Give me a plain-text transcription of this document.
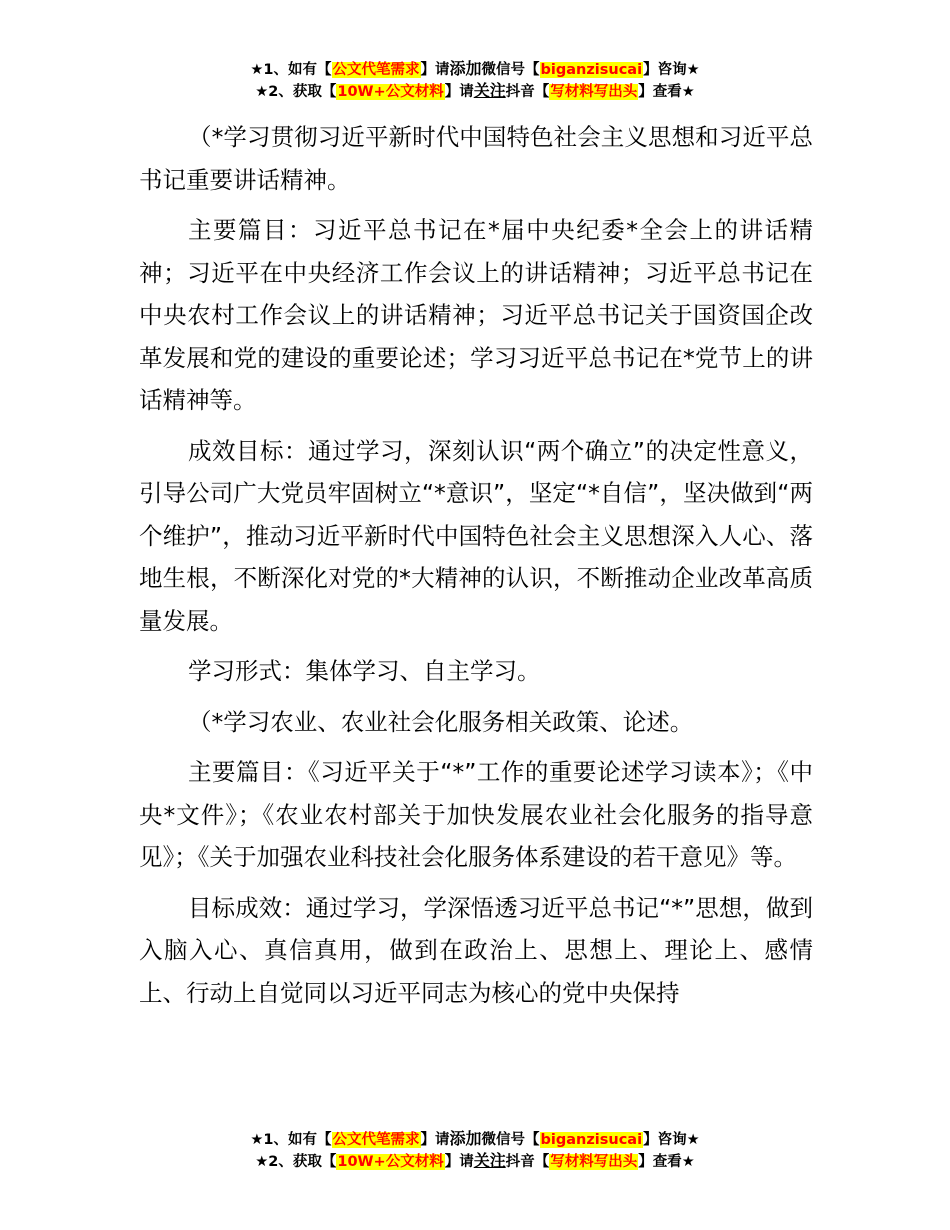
★1、如有【公文代笔需求】请添加微信号【biganzisucai】咨询★
★2、获取【10W+公文材料】请关注抖音【写材料写出头】查看★

（*学习贯彻习近平新时代中国特色社会主义思想和习近平总书记重要讲话精神。

主要篇目：习近平总书记在*届中央纪委*全会上的讲话精神；习近平在中央经济工作会议上的讲话精神；习近平总书记在中央农村工作会议上的讲话精神；习近平总书记关于国资国企改革发展和党的建设的重要论述；学习习近平总书记在*党节上的讲话精神等。

成效目标：通过学习，深刻认识“两个确立”的决定性意义，引导公司广大党员牢固树立“*意识”，坚定“*自信”，坚决做到“两个维护”，推动习近平新时代中国特色社会主义思想深入人心、落地生根，不断深化对党的*大精神的认识，不断推动企业改革高质量发展。

学习形式：集体学习、自主学习。

（*学习农业、农业社会化服务相关政策、论述。

主要篇目：《习近平关于“*”工作的重要论述学习读本》；《中央*文件》；《农业农村部关于加快发展农业社会化服务的指导意见》；《关于加强农业科技社会化服务体系建设的若干意见》等。

目标成效：通过学习，学深悟透习近平总书记“*”思想，做到入脑入心、真信真用，做到在政治上、思想上、理论上、感情上、行动上自觉同以习近平同志为核心的党中央保持

★1、如有【公文代笔需求】请添加微信号【biganzisucai】咨询★
★2、获取【10W+公文材料】请关注抖音【写材料写出头】查看★
